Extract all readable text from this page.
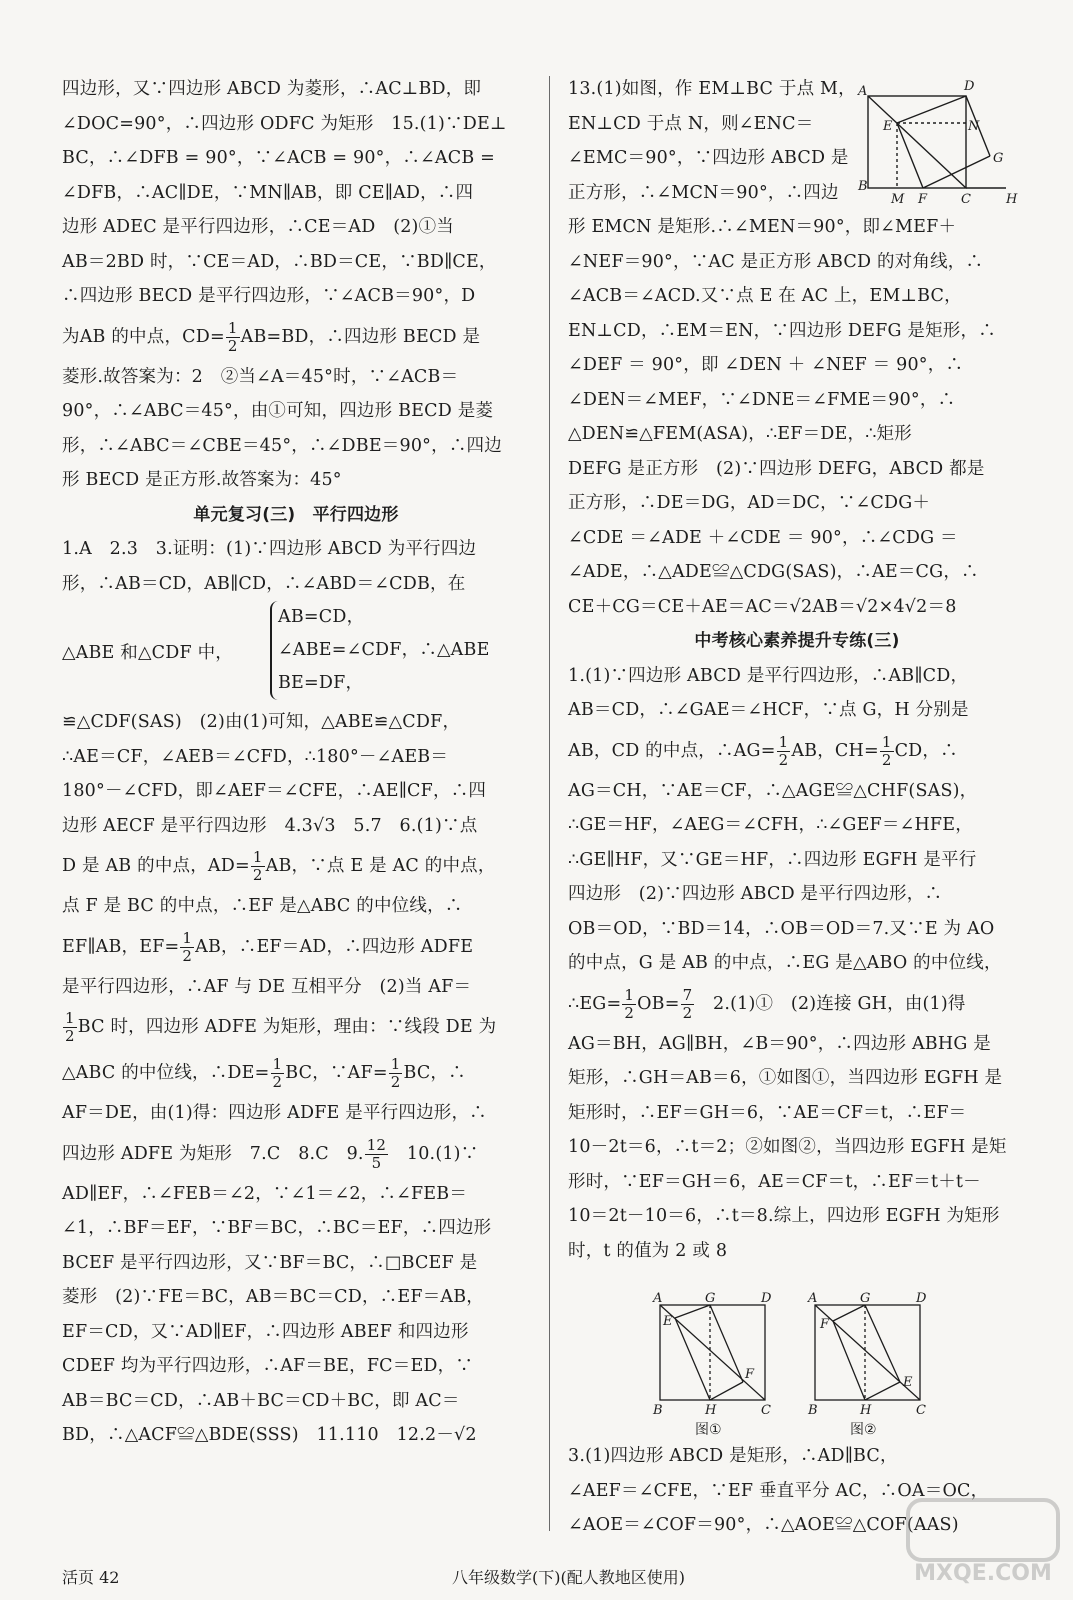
四边形，又∵四边形 ABCD 为菱形，∴AC⊥BD，即
∠DOC=90°，∴四边形 ODFC 为矩形　15.(1)∵DE⊥
BC，∴∠DFB = 90°，∵∠ACB = 90°，∴∠ACB =
∠DFB，∴AC∥DE，∵MN∥AB，即 CE∥AD，∴四
边形 ADEC 是平行四边形，∴CE＝AD　(2)①当
AB＝2BD 时，∵CE＝AD，∴BD＝CE，∵BD∥CE，
∴四边形 BECD 是平行四边形，∵∠ACB＝90°，D
为AB 的中点，$CD= \frac{1}{2} AB=BD$，∴四边形 BECD 是
菱形.故答案为：2　②当∠A＝45°时，∵∠ACB＝
90°，∴∠ABC＝45°，由①可知，四边形 BECD 是菱
形，∴∠ABC＝∠CBE＝45°，∴∠DBE＝90°，∴四边
形 BECD 是正方形.故答案为：45°
单元复习(三)　平行四边形
1.A　2.3　3.证明：(1)∵四边形 ABCD 为平行四边
形，∴AB＝CD，AB∥CD，∴∠ABD＝∠CDB，在
△ABE 和△CDF 中，
AB=CD，
∠ABE=∠CDF，∴△ABE
BE=DF，
≌△CDF(SAS)　(2)由(1)可知，△ABE≌△CDF，
∴AE＝CF，∠AEB＝∠CFD，∴180°－∠AEB＝
180°－∠CFD，即∠AEF＝∠CFE，∴AE∥CF，∴四
边形 AECF 是平行四边形　4.3√3　5.7　6.(1)∵点
D 是 AB 的中点，$AD= \frac{1}{2}$ AB，∵点 E 是 AC 的中点，
点 F 是 BC 的中点，∴EF 是△ABC 的中位线，∴
EF∥AB，$EF= \frac{1}{2}$ AB，∴EF＝AD，∴四边形 ADFE
是平行四边形，∴AF 与 DE 互相平分　(2)当 AF＝
$\frac{1}{2}$ BC 时，四边形 ADFE 为矩形，理由：∵线段 DE 为
△ABC 的中位线，∴DE= $\frac{1}{2}$ BC，∵AF= $\frac{1}{2}$ BC，∴
AF＝DE，由(1)得：四边形 ADFE 是平行四边形，∴
四边形 ADFE 为矩形　7.C　8.C　9. $\frac{12}{5}$
　 10.(1)∵
AD∥EF，∴∠FEB＝∠2，∵∠1＝∠2，∴∠FEB＝
∠1，∴BF＝EF，∵BF＝BC，∴BC＝EF，∴四边形
BCEF 是平行四边形，又∵BF＝BC，∴□BCEF 是
菱形　(2)∵FE＝BC，AB＝BC＝CD，∴EF＝AB，
EF＝CD，又∵AD∥EF，∴四边形 ABEF 和四边形
CDEF 均为平行四边形，∴AF＝BE，FC＝ED，∵
AB＝BC＝CD，∴AB＋BC＝CD＋BC，即 AC＝
BD，∴△ACF≌△BDE(SSS)　11.110　12.2－√2
13.(1)如图，作 EM⊥BC 于点 M，
EN⊥CD 于点 N，则∠ENC＝
∠EMC＝90°，∵四边形 ABCD 是
正方形，∴∠MCN＝90°，∴四边
形 EMCN 是矩形.∴∠MEN＝90°，即∠MEF＋
∠NEF＝90°，∵AC 是正方形 ABCD 的对角线，∴
∠ACB＝∠ACD.又∵点 E 在 AC 上，EM⊥BC，
EN⊥CD，∴EM＝EN，∵四边形 DEFG 是矩形，∴
∠DEF ＝ 90°，即 ∠DEN ＋ ∠NEF ＝ 90°，∴
∠DEN＝∠MEF，∵∠DNE＝∠FME＝90°，∴
△DEN≌△FEM(ASA)，∴EF＝DE，∴矩形
DEFG 是正方形　(2)∵四边形 DEFG，ABCD 都是
正方形，∴DE＝DG，AD＝DC，∵∠CDG＋
∠CDE ＝∠ADE ＋∠CDE ＝ 90°，∴∠CDG ＝
∠ADE，∴△ADE≌△CDG(SAS)，∴AE＝CG，∴
CE＋CG＝CE＋AE＝AC＝√2AB＝√2×4√2＝8
中考核心素养提升专练(三)
1.(1)∵四边形 ABCD 是平行四边形，∴AB∥CD，
AB＝CD，∴∠GAE＝∠HCF，∵点 G，H 分别是
AB，CD 的中点，∴AG= $\frac{1}{2}$ AB，$CH= \frac{1}{2}$ CD，∴
AG＝CH，∵AE＝CF，∴△AGE≌△CHF(SAS)，
∴GE＝HF，∠AEG＝∠CFH，∴∠GEF＝∠HFE，
∴GE∥HF，又∵GE＝HF，∴四边形 EGFH 是平行
四边形　(2)∵四边形 ABCD 是平行四边形，∴
OB＝OD，∵BD＝14，∴OB＝OD＝7.又∵E 为 AO
的中点，G 是 AB 的中点，∴EG 是△ABO 的中位线，
∴EG= $\frac{1}{2} OB= \frac{7}{2}$
　 2.(1)①　(2)连接 GH，由(1)得
AG＝BH，AG∥BH，∠B＝90°，∴四边形 ABHG 是
矩形，∴GH＝AB＝6，①如图①，当四边形 EGFH 是
矩形时，∴EF＝GH＝6，∵AE＝CF＝t，∴EF＝
10－2t＝6，∴t＝2；②如图②，当四边形 EGFH 是矩
形时，∵EF＝GH＝6，AE＝CF＝t，∴EF＝t＋t－
10＝2t－10＝6，∴t＝8.综上，四边形 EGFH 为矩形
时，t 的值为 2 或 8
3.(1)四边形 ABCD 是矩形，∴AD∥BC，
∠AEF＝∠CFE，∵EF 垂直平分 AC，∴OA＝OC，
∠AOE＝∠COF＝90°，∴△AOE≌△COF(AAS)
A	D
E	N
G
B
M F	C	H
A	G	D
E
F
B	H	C
A	G	D
F
E
B	H	C
图①	图②
活页 42	八年级数学(下)(配人教地区使用)	MXQE.COM
